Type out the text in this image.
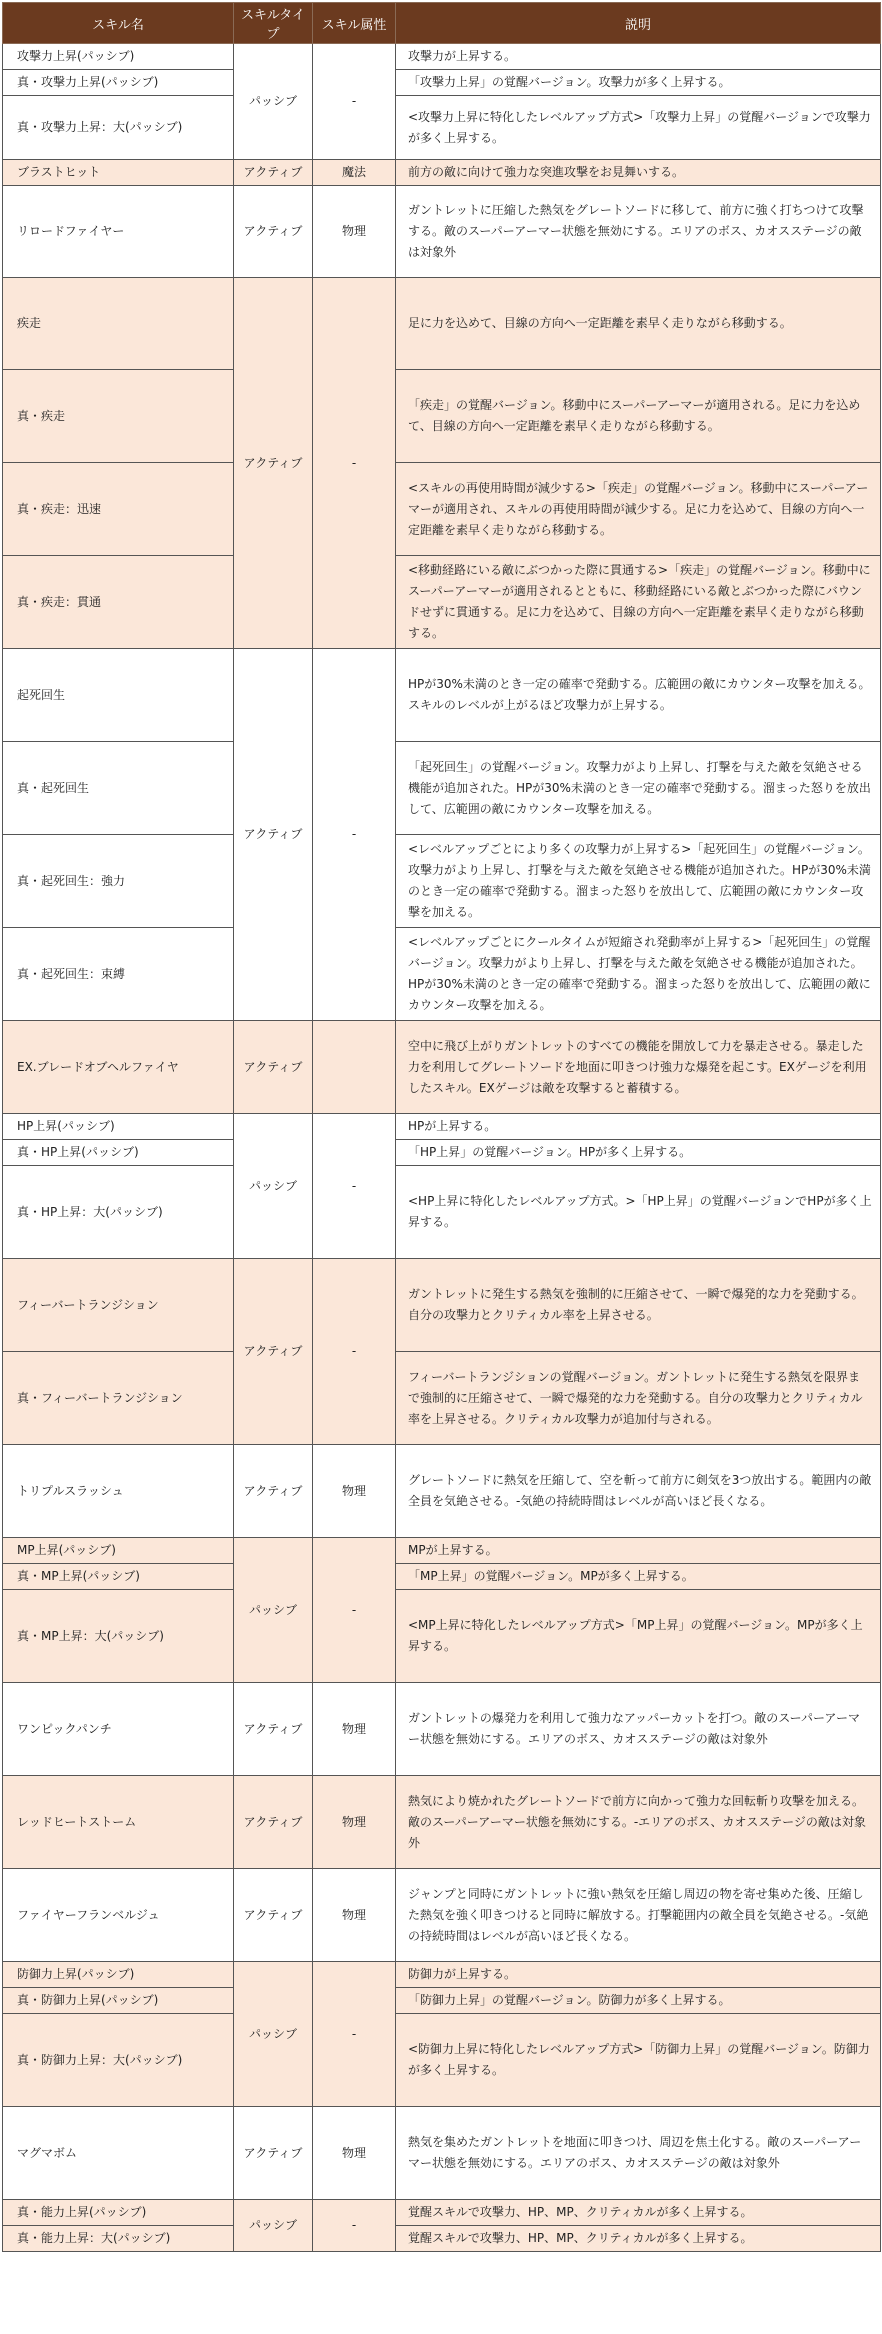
スキル名	スキルタイプ	スキル属性	説明
攻撃力上昇(パッシブ)	パッシブ	-	攻撃力が上昇する。
真・攻撃力上昇(パッシブ)			「攻撃力上昇」の覚醒バージョン。攻撃力が多く上昇する。
真・攻撃力上昇：大(パッシブ)			<攻撃力上昇に特化したレベルアップ方式>「攻撃力上昇」の覚醒バージョンで攻撃力が多く上昇する。
ブラストヒット	アクティブ	魔法	前方の敵に向けて強力な突進攻撃をお見舞いする。
リロードファイヤー	アクティブ	物理	ガントレットに圧縮した熱気をグレートソードに移して、前方に強く打ちつけて攻撃する。敵のスーパーアーマー状態を無効にする。エリアのボス、カオスステージの敵は対象外
疾走	アクティブ	-	足に力を込めて、目線の方向へ一定距離を素早く走りながら移動する。
真・疾走			「疾走」の覚醒バージョン。移動中にスーパーアーマーが適用される。足に力を込めて、目線の方向へ一定距離を素早く走りながら移動する。
真・疾走：迅速			<スキルの再使用時間が減少する>「疾走」の覚醒バージョン。移動中にスーパーアーマーが適用され、スキルの再使用時間が減少する。足に力を込めて、目線の方向へ一定距離を素早く走りながら移動する。
真・疾走：貫通			<移動経路にいる敵にぶつかった際に貫通する>「疾走」の覚醒バージョン。移動中にスーパーアーマーが適用されるとともに、移動経路にいる敵とぶつかった際にバウンドせずに貫通する。足に力を込めて、目線の方向へ一定距離を素早く走りながら移動する。
起死回生	アクティブ	-	HPが30%未満のとき一定の確率で発動する。広範囲の敵にカウンター攻撃を加える。スキルのレベルが上がるほど攻撃力が上昇する。
真・起死回生			「起死回生」の覚醒バージョン。攻撃力がより上昇し、打撃を与えた敵を気絶させる機能が追加された。HPが30%未満のとき一定の確率で発動する。溜まった怒りを放出して、広範囲の敵にカウンター攻撃を加える。
真・起死回生：強力			<レベルアップごとにより多くの攻撃力が上昇する>「起死回生」の覚醒バージョン。攻撃力がより上昇し、打撃を与えた敵を気絶させる機能が追加された。HPが30%未満のとき一定の確率で発動する。溜まった怒りを放出して、広範囲の敵にカウンター攻撃を加える。
真・起死回生：束縛			<レベルアップごとにクールタイムが短縮され発動率が上昇する>「起死回生」の覚醒バージョン。攻撃力がより上昇し、打撃を与えた敵を気絶させる機能が追加された。HPが30%未満のとき一定の確率で発動する。溜まった怒りを放出して、広範囲の敵にカウンター攻撃を加える。
EX.ブレードオブヘルファイヤ	アクティブ		空中に飛び上がりガントレットのすべての機能を開放して力を暴走させる。暴走した力を利用してグレートソードを地面に叩きつけ強力な爆発を起こす。EXゲージを利用したスキル。EXゲージは敵を攻撃すると蓄積する。
HP上昇(パッシブ)	パッシブ	-	HPが上昇する。
真・HP上昇(パッシブ)			「HP上昇」の覚醒バージョン。HPが多く上昇する。
真・HP上昇：大(パッシブ)			<HP上昇に特化したレベルアップ方式。>「HP上昇」の覚醒バージョンでHPが多く上昇する。
フィーバートランジション	アクティブ	-	ガントレットに発生する熱気を強制的に圧縮させて、一瞬で爆発的な力を発動する。自分の攻撃力とクリティカル率を上昇させる。
真・フィーバートランジション			フィーバートランジションの覚醒バージョン。ガントレットに発生する熱気を限界まで強制的に圧縮させて、一瞬で爆発的な力を発動する。自分の攻撃力とクリティカル率を上昇させる。クリティカル攻撃力が追加付与される。
トリプルスラッシュ	アクティブ	物理	グレートソードに熱気を圧縮して、空を斬って前方に剣気を3つ放出する。範囲内の敵全員を気絶させる。-気絶の持続時間はレベルが高いほど長くなる。
MP上昇(パッシブ)	パッシブ	-	MPが上昇する。
真・MP上昇(パッシブ)			「MP上昇」の覚醒バージョン。MPが多く上昇する。
真・MP上昇：大(パッシブ)			<MP上昇に特化したレベルアップ方式>「MP上昇」の覚醒バージョン。MPが多く上昇する。
ワンピックパンチ	アクティブ	物理	ガントレットの爆発力を利用して強力なアッパーカットを打つ。敵のスーパーアーマー状態を無効にする。エリアのボス、カオスステージの敵は対象外
レッドヒートストーム	アクティブ	物理	熱気により焼かれたグレートソードで前方に向かって強力な回転斬り攻撃を加える。敵のスーパーアーマー状態を無効にする。-エリアのボス、カオスステージの敵は対象外
ファイヤーフランベルジュ	アクティブ	物理	ジャンプと同時にガントレットに強い熱気を圧縮し周辺の物を寄せ集めた後、圧縮した熱気を強く叩きつけると同時に解放する。打撃範囲内の敵全員を気絶させる。-気絶の持続時間はレベルが高いほど長くなる。
防御力上昇(パッシブ)	パッシブ	-	防御力が上昇する。
真・防御力上昇(パッシブ)			「防御力上昇」の覚醒バージョン。防御力が多く上昇する。
真・防御力上昇：大(パッシブ)			<防御力上昇に特化したレベルアップ方式>「防御力上昇」の覚醒バージョン。防御力が多く上昇する。
マグマボム	アクティブ	物理	熱気を集めたガントレットを地面に叩きつけ、周辺を焦土化する。敵のスーパーアーマー状態を無効にする。エリアのボス、カオスステージの敵は対象外
真・能力上昇(パッシブ)	パッシブ	-	覚醒スキルで攻撃力、HP、MP、クリティカルが多く上昇する。
真・能力上昇：大(パッシブ)			覚醒スキルで攻撃力、HP、MP、クリティカルが多く上昇する。
